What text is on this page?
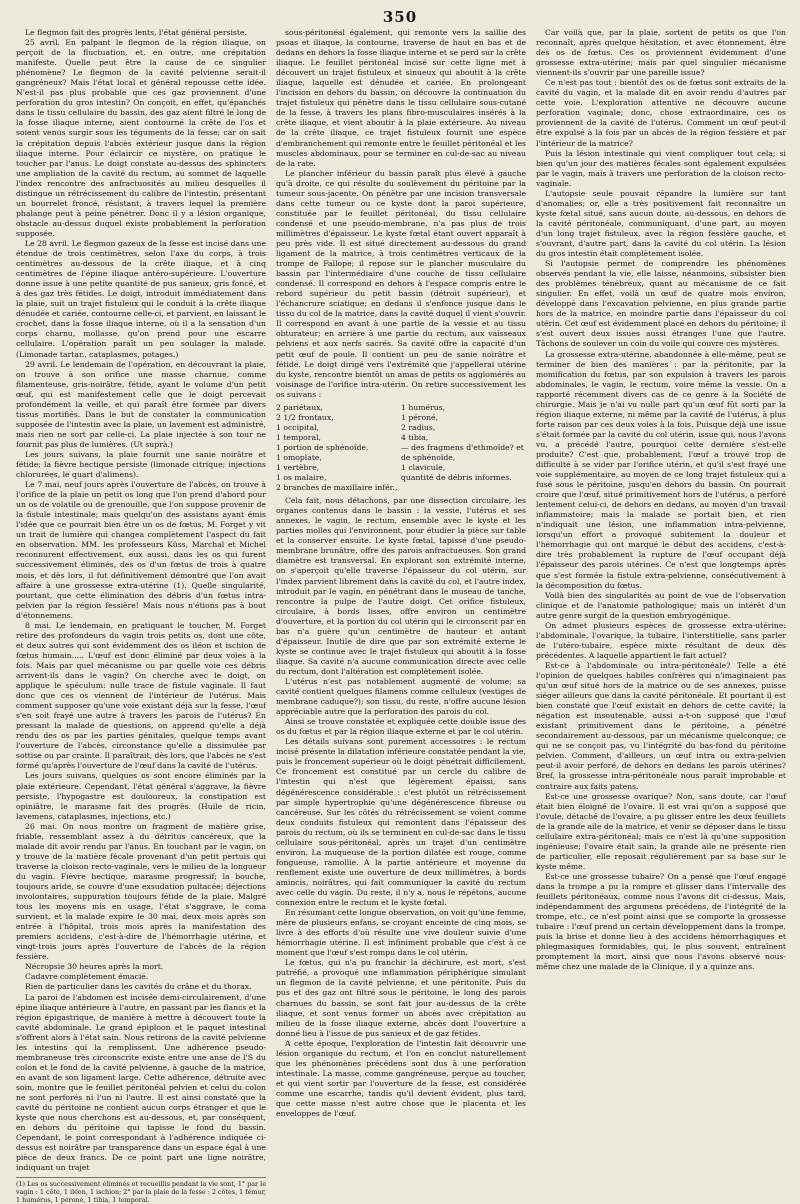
350

Le flegmon fait des progrès lents, l'état général persiste.

25 avril. En palpant le flegmon de la région iliaque, on perçoit de la fluctuation, et, en outre, une crépitation manifeste. Quelle peut être la cause de ce singulier phénomène? Le flegmon de la cavité pelvienne serait-il gangréneux? Mais l'état local et général repousse cette idée. N'est-il pas plus probable que ces gaz proviennent d'une perforation du gros intestin? On conçoit, en effet, qu'épanchés dans le tissu cellulaire du bassin, des gaz aient filtré le long de la fosse iliaque interne, aient contourné la crête de l'os et soient venus surgir sous les téguments de la fesse; car on sait la crépitation depuis l'abcès extérieur jusque dans la région iliaque interne. Pour éclaircir ce mystère, on pratique le toucher par l'anus. Le doigt constate au-dessus des sphincters une ampliation de la cavité du rectum, au sommet de laquelle l'index rencontre des anfractuosités au milieu desquelles il distingue un rétrécissement du calibre de l'intestin, présentant un bourrelet froncé, résistant, à travers lequel la première phalange peut à peine pénétrer. Donc il y a lésion organique, obstacle au-dessus duquel existe probablement la perforation supposée.

Le 28 avril. Le flegmon gazeux de la fesse est incisé dans une étendue de trois centimètres, selon l'axe du corps, à trois centimètres au-dessous de la crête iliaque, et à cinq centimètres de l'épine iliaque antéro-supérieure. L'ouverture donne issue à une petite quantité de pus sanieux, gris foncé, et à des gaz très fétides. Le doigt, introduit immédiatement dans la plaie, suit un trajet fistuleux qui le conduit à la crête iliaque dénudée et cariée, contourne celle-ci, et parvient, en laissant le crochet, dans la fosse iliaque interne, où il a la sensation d'un corps charnu, mollasse, qu'on prend pour une escarre cellulaire. L'opération paraît un peu soulager la malade. (Limonade tartar., cataplasmes, potages.)

29 avril. Le lendemain de l'opération, en découvrant la plaie, on trouve à son orifice une masse charnue, comme filamenteuse, gris-noirâtre, fétide, ayant le volume d'un petit œuf, qui est manifestement celle que le doigt percevait profondément la veille, et qui paraît être formée par divers tissus mortifiés. Dans le but de constater la communication supposée de l'intestin avec la plaie, un lavement est administré, mais rien ne sort par celle-ci. La plaie injectée à son tour ne fournit pas plus de lumières. (Ut suprà.)

Les jours suivans, la plaie fournit une sanie noirâtre et fétide; la fièvre hectique persiste (limonade citrique; injections chlorurées, le quart d'alimens).

Le 7 mai, neuf jours après l'ouverture de l'abcès, on trouve à l'orifice de la plaie un petit os long que l'on prend d'abord pour un os de volatile ou de grenouille, que l'on suppose provenir de la fistule intestinale; mais quelqu'un des assistans ayant émis l'idée que ce pourrait bien être un os de fœtus, M. Forget y vit un trait de lumière qui changea complètement l'aspect du fait en observation. MM. les professeurs Küss, Marchal et Michel reconnurent effectivement, eux aussi, dans les os qui furent successivement éliminés, des os d'un fœtus de trois à quatre mois, et dès lors, il fut définitivement démontré que l'on avait affaire à une grossesse extra-utérine (1). Quelle singularité, pourtant, que cette élimination des débris d'un fœtus intra-pelvien par la région fessière! Mais nous n'étions pas à bout d'étonnemens.

8 mai. Le lendemain, en pratiquant le toucher, M. Forget retire des profondeurs du vagin trois petits os, dont une côte, et deux autres qui sont évidemment des os iléon et ischion de fœtus humain..... L'œuf est donc éliminé par deux voies à la fois. Mais par quel mécanisme ou par quelle voie ces débris arrivent-ils dans le vagin? On cherche avec le doigt, on applique le spéculum: nulle trace de fistule vaginale. Il faut donc que ces os viennent de l'intérieur de l'utérus. Mais comment supposer qu'une voie existant déjà sur la fesse, l'œuf s'en soit frayé une autre à travers les parois de l'utérus? En pressant la malade de questions, on apprend qu'elle a déjà rendu des os par les parties génitales, quelque temps avant l'ouverture de l'abcès, circonstance qu'elle a dissimulée par sottise ou par crainte. Il paraîtrait, dès lors, que l'abcès ne s'est formé qu'après l'ouverture de l'œuf dans la cavité de l'utérus.

Les jours suivans, quelques os sont encore éliminés par la plaie extérieure. Cependant, l'état général s'aggrave, la fièvre persiste, l'hypogastre est douloureux, la constipation est opiniâtre, le marasme fait des progrès. (Huile de ricin, lavemens, cataplasmes, injections, etc.)

26 mai. On nous montre un fragment de matière grise, friable, ressemblant assez à du détritus cancéreux, que la malade dit avoir rendu par l'anus. En touchant par le vagin, on y trouve de la matière fécale provenant d'un petit pertuis qui traverse la cloison recto-vaginale, vers le milieu de la longueur du vagin. Fièvre hectique, marasme progressif; la bouche, toujours aride, se couvre d'une exsudation pultacée; déjections involontaires, suppuration toujours fétide de la plaie. Malgré tous les moyens mis en usage, l'état s'aggrave, le coma survient, et la malade expire le 30 mai, deux mois après son entrée à l'hôpital, trois mois après la manifestation des premiers accidens, c'est-à-dire de l'hémorrhagie utérine, et vingt-trois jours après l'ouverture de l'abcès de la région fessière.

Nécropsie 30 heures après la mort.

Cadavre complètement émacié.

Rien de particulier dans les cavités du crâne et du thorax.

La paroi de l'abdomen est incisée demi-circulairement, d'une épine iliaque antérieure à l'autre, en passant par les flancs et la région épigastrique, de manière à mettre à découvert toute la cavité abdominale. Le grand épiploon et le paquet intestinal s'offrent alors à l'état sain. Nous retirons de la cavité pelvienne les intestins qui la remplissent. Une adhérence pseudo-membraneuse très circonscrite existe entre une anse de l'S du colon et le fond de la cavité pelvienne, à gauche de la matrice, en avant de son ligament large. Cette adhérence, détruite avec soin, montre que le feuillet péritonéal pelvien et celui du colon ne sont perforés ni l'un ni l'autre. Il est ainsi constaté que la cavité du péritoine ne contient aucun corps étranger et que le kyste que nous cherchons est au-dessous, et, par conséquent, en dehors du péritoine qui tapisse le fond du bassin. Cependant, le point correspondant à l'adhérence indiquée ci-dessus est noirâtre par transparence dans un espace égal à une pièce de deux francs. De ce point part une ligne noirâtre, indiquant un trajet

(1) Les os successivement éliminés et recueillis pendant la vie sont, 1° par le vagin : 1 côte, 1 iléon, 1 ischion; 2° par la plaie de la fesse : 2 côtes, 1 fémur, 1 humérus, 1 péroné, 1 tibia, 1 temporal.

sous-péritonéal également, qui remonte vers la saillie des psoas et iliaque, la contourne, traverse de haut en bas et de dedans en dehors la fosse iliaque interne et se perd sur la crête iliaque. Le feuillet péritonéal incisé sur cette ligne met à découvert un trajet fistuleux et sinueux qui aboutit à la crête iliaque, laquelle est dénudée et cariée. En prolongeant l'incision en dehors du bassin, on découvre la continuation du trajet fistuleux qui pénètre dans le tissu cellulaire sous-cutané de la fesse, à travers les plans fibro-musculaires insérés à la crête iliaque, et vient aboutir à la plaie extérieure. Au niveau de la crête iliaque, ce trajet fistuleux fournit une espèce d'embranchement qui remonte entre le feuillet péritonéal et les muscles abdominaux, pour se terminer en cul-de-sac au niveau de la rate.

Le plancher inférieur du bassin paraît plus élevé à gauche qu'à droite, ce qui résulte du soulèvement du péritoine par la tumeur sous-jacente. On pénètre par une incision transversale dans cette tumeur ou ce kyste dont la paroi supérieure, constituée par le feuillet péritonéal, du tissu cellulaire condensé et une pseudo-membrane, n'a pas plus de trois millimètres d'épaisseur. Le kyste fœtal étant ouvert apparaît à peu près vide. Il est situé directement au-dessous du grand ligament de la matrice, à trois centimètres verticaux de la trompe de Fallope; il repose sur le plancher musculaire du bassin par l'intermédiaire d'une couche de tissu cellulaire condensé. Il correspond en dehors à l'espace compris entre le rebord supérieur du petit bassin (détroit supérieur), et l'échancrure sciatique; en dedans il s'enfonce jusque dans le tissu du col de la matrice, dans la cavité duquel il vient s'ouvrir. Il correspond en avant à une partie de la vessie et au tissu obturateur; en arrière à une partie du rectum, aux vaisseaux pelviens et aux nerfs sacrés. Sa cavité offre la capacité d'un petit œuf de poule. Il contient un peu de sanie noirâtre et fétide. Le doigt dirigé vers l'extrémité que j'appellerai utérine du kyste, rencontre bientôt un amas de petits os agglomérés au voisinage de l'orifice intra-utérin. On retire successivement les os suivans :

2 pariétaux,
2 1/2 frontaux,
1 occipital,
1 temporal,
1 portion de sphénoïde,
1 omoplate,
1 vertèbre,
1 os malaire,
2 branches de maxillaire infér.,
1 humérus,
1 péroné,
2 radius,
4 tibia,
— des fragmens d'ethmoïde? et
de sphénoïde,
1 clavicule,
quantité de débris informes.

Cela fait, nous détachons, par une dissection circulaire, les organes contenus dans le bassin : la vessie, l'utérus et ses annexes, le vagin, le rectum, ensemble avec le kyste et les parties molles qui l'environnent, pour étudier la pièce sur table et la conserver ensuite. Le kyste fœtal, tapissé d'une pseudo-membrane brunâtre, offre des parois anfractueuses. Son grand diamètre est transversal. En explorant son extrémité interne, on s'aperçoit qu'elle traverse l'épaisseur du col utérin, sur l'index parvient librement dans la cavité du col, et l'autre index, introduit par le vagin, en pénétrant dans le museau de tanche, rencontre la pulpe de l'autre doigt. Cet orifice fistuleux, circulaire, à bords lisses, offre environ un centimètre d'ouverture, et la portion du col utérin qui le circonscrit par en bas n'a guère qu'un centimètre de hauteur et autant d'épaisseur. Inutile de dire que par son extrémité externe le kyste se continue avec le trajet fistuleux qui aboutit à la fosse iliaque. Sa cavité n'a aucune communication directe avec celle du rectum, dont l'altération est complètement isolée.

L'utérus n'est pas notablement augmenté de volume; sa cavité contient quelques filamens comme celluleux (vestiges de membrane caduque?); son tissu, du reste, n'offre aucune lésion appréciable autre que la perforation des parois du col.

Ainsi se trouve constatée et expliquée cette double issue des os du fœtus et par la région iliaque externe et par le col utérin.

Les détails suivans sont purement accessoires : le rectum incisé présente la dilatation inférieure constatée pendant la vie, puis le froncement supérieur où le doigt pénétrait difficilement. Ce froncement est constitué par un cercle du calibre de l'intestin qui n'est que légèrement épaissi, sans dégénérescence considérable : c'est plutôt un rétrécissement par simple hypertrophie qu'une dégénérescence fibreuse ou cancéreuse. Sur les côtés du rétrécissement se voient comme deux conduits fistuleux qui remontent dans l'épaisseur des parois du rectum, où ils se terminent en cul-de-sac dans le tissu cellulaire sous-péritonéal, après un trajet d'un centimètre environ. La muqueuse de la portion dilatée est rouge, comme fongueuse, ramollie. A la partie antérieure et moyenne du renflement existe une ouverture de deux millimètres, à bords amincis, noirâtres, qui fait communiquer la cavité du rectum avec celle du vagin. Du reste, il n'y a, nous le répétons, aucune connexion entre le rectum et le kyste fœtal.

En résumant cette longue observation, on voit qu'une femme, mère de plusieurs enfans, se croyant enceinte de cinq mois, se livre à des efforts d'où résulte une vive douleur suivie d'une hémorrhagie utérine. Il est infiniment probable que c'est à ce moment que l'œuf s'est rompu dans le col utérin.

Le fœtus, qui n'a pu franchir la déchirure, est mort, s'est putréfié, a provoqué une inflammation périphérique simulant un flegmon de la cavité pelvienne, et une péritonite. Puis du pus et des gaz ont filtré sous le péritoine, le long des parois charnues du bassin, se sont fait jour au-dessus de la crête iliaque, et sont venus former un abcès avec crépitation au milieu de la fosse iliaque externe, abcès dont l'ouverture a donné lieu à l'issue de pus sanieux et de gaz fétides.

A cette époque, l'exploration de l'intestin fait découvrir une lésion organique du rectum, et l'on en conclut naturellement que les phénomènes précédens sont dus à une perforation intestinale. La masse, comme gangréneuse, perçue au toucher, et qui vient sortir par l'ouverture de la fesse, est considérée comme une escarrhe, tandis qu'il devient évident, plus tard, que cette masse n'est autre chose que le placenta et les enveloppes de l'œuf.

Car voilà que, par la plaie, sortent de petits os que l'on reconnaît, après quelque hésitation, et avec étonnement, être des os de fœtus. Ces os proviennent évidemment d'une grossesse extra-utérine; mais par quel singulier mécanisme viennent-ils s'ouvrir par une pareille issue?

Ce n'est pas tout : bientôt des os de fœtus sont extraits de la cavité du vagin, et la malade dit en avoir rendu d'autres par cette voie. L'exploration attentive ne découvre aucune perforation vaginale; donc, chose extraordinaire, ces os proviennent de la cavité de l'utérus. Comment un œuf peut-il être expulsé à la fois par un abcès de la région fessière et par l'intérieur de la matrice?

Puis la lésion intestinale qui vient compliquer tout cela; si bien qu'un jour des matières fécales sont également expulsées par le vagin, mais à travers une perforation de la cloison recto-vaginale.

L'autopsie seule pouvait répandre la lumière sur tant d'anomalies; or, elle a très positivement fait reconnaître un kyste fœtal situé, sans aucun doute, au-dessous, en dehors de la cavité péritonéale, communiquant, d'une part, au moyen d'un long trajet fistuleux, avec la région fessière gauche, et s'ouvrant, d'autre part, dans la cavité du col utérin. La lésion du gros intestin était complètement isolée.

Si l'autopsie permet de comprendre les phénomènes observés pendant la vie, elle laisse, néanmoins, subsister bien des problèmes ténébreux, quant au mécanisme de ce fait singulier. En effet, voilà un œuf de quatre mois environ, développé dans l'excavation pelvienne, en plus grande partie hors de la matrice, en moindre partie dans l'épaisseur du col utérin. Cet œuf est évidemment placé en dehors du péritoine; il s'est ouvert deux issues aussi étranges l'une que l'autre. Tâchons de soulever un coin du voile qui couvre ces mystères.

La grossesse extra-utérine, abandonnée à elle-même, peut se terminer de bien des manières : par la péritonite, par la momification du fœtus, par son expulsion à travers les parois abdominales, le vagin, le rectum, voire même la vessie. On a rapporté récemment divers cas de ce genre à la Société de chirurgie. Mais je n'ai vu nulle part qu'un œuf fût sorti par la région iliaque externe, ni même par la cavité de l'utérus, à plus forte raison par ces deux voies à la fois. Puisque déjà une issue s'était formée par la cavité du col utérin, issue qui, nous l'avons vu, a précédé l'autre, pourquoi cette dernière s'est-elle produite? C'est que, probablement, l'œuf a trouvé trop de difficulté à se vider par l'orifice utérin, et qu'il s'est frayé une voie supplémentaire, au moyen de ce long trajet fistuleux qui a fusé sous le péritoine, jusqu'en dehors du bassin. On pourrait croire que l'œuf, situé primitivement hors de l'utérus, a perforé lentement celui-ci, de dehors en dedans, au moyen d'un travail inflammatoire; mais la malade se portait bien, et rien n'indiquait une lésion, une inflammation intra-pelvienne, lorsqu'un effort a provoqué subitement la douleur et l'hémorrhagie qui ont marqué le début des accidens, c'est-à-dire très probablement la rupture de l'œuf occupant déjà l'épaisseur des parois utérines. Ce n'est que longtemps après que s'est formée la fistule extra-pelvienne, consécutivement à la décomposition du fœtus.

Voilà bien des singularités au point de vue de l'observation clinique et de l'anatomie pathologique; mais un intérêt d'un autre genre surgit de la question embryogénique.

On admet plusieurs espèces de grossesse extra-utérine: l'abdominale, l'ovarique, la tubaire, l'interstitielle, sans parler de l'utéro-tubaire, espèce mixte résultant de deux dès précédentes. A laquelle appartient le fait actuel?

Est-ce à l'abdominale ou intra-péritonéale? Telle a été l'opinion de quelques habiles confrères qui n'imaginaient pas qu'un œuf situé hors de la matrice ou de ses annexes, puisse siéger ailleurs que dans la cavité péritonéale. Et pourtant il est bien constaté que l'œuf existait en dehors de cette cavité; la négation est insoutenable, aussi a-t-on supposé que l'œuf existant primitivement dans le péritoine, a pénétré secondairement au-dessous, par un mécanisme quelconque; ce qui ne se conçoit pas, vu l'intégrité du bas-fond du péritoine pelvien. Comment, d'ailleurs, un œuf intra ou extra-pelvien peut-il avoir perforé, de dehors en dedans les parois utérines? Bref, la grossesse intra-péritonéale nous paraît improbable et contraire aux faits patens.

Est-ce une grossesse ovarique? Non, sans doute, car l'œuf était bien éloigné de l'ovaire. Il est vrai qu'on a supposé que l'ovule, détaché de l'ovaire, a pu glisser entre les deux feuillets de la grande aile de la matrice, et venir se déposer dans le tissu cellulaire extra-péritonéal; mais ce n'est là qu'une supposition ingénieuse; l'ovaire était sain, la grande aile ne présente rien de particulier, elle reposait régulièrement par sa base sur le kyste même.

Est-ce une grossesse tubaire? On a pensé que l'œuf engagé dans la trompe a pu la rompre et glisser dans l'intervalle des feuillets péritonéaux, comme nous l'avons dit ci-dessus. Mais, indépendamment des argumens précédens, de l'intégrité de la trompe, etc., ce n'est point ainsi que se comporte la grossesse tubaire : l'œuf prend un certain développement dans la trompe, puis la brise et donne lieu à des accidens hémorrhagiques et phlegmasiques formidables, qui, le plus souvent, entraînent promptement la mort, ainsi que nous l'avons observé nous-même chez une malade de la Clinique, il y a quinze ans.
